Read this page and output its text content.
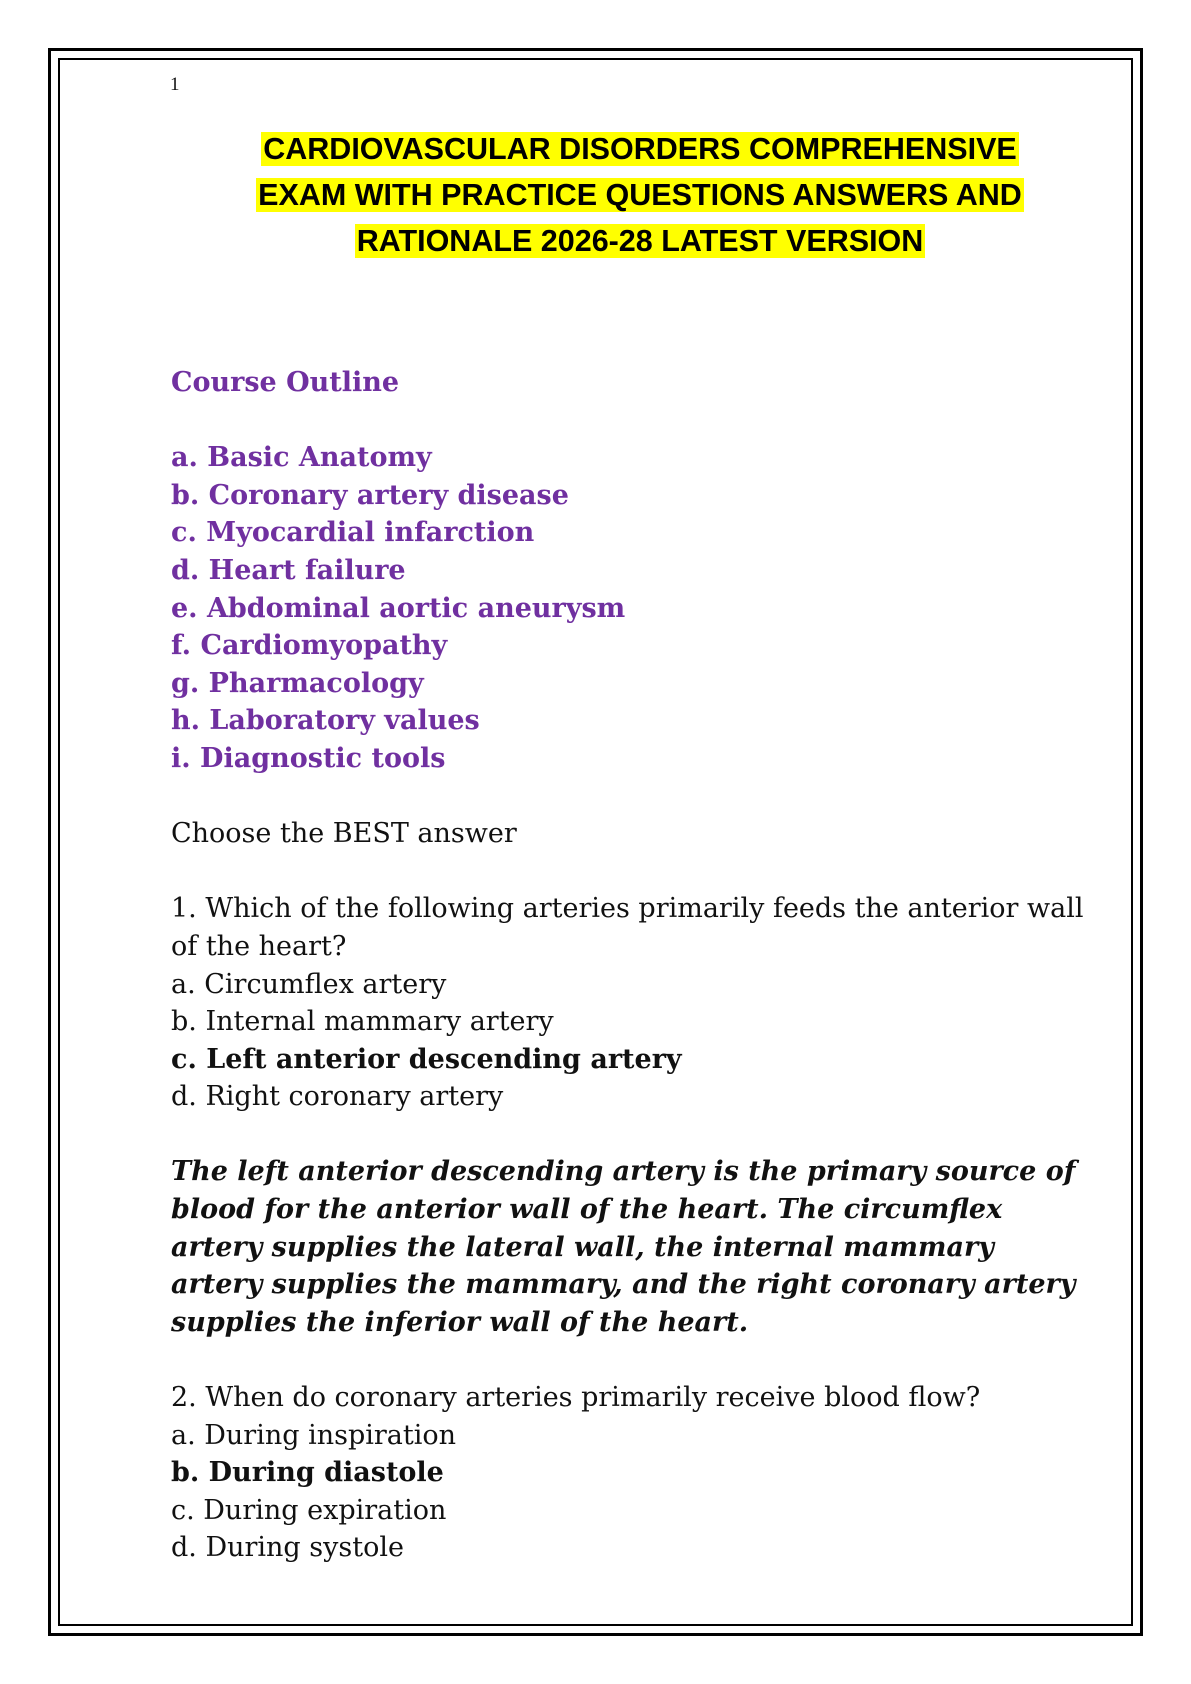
1
CARDIOVASCULAR DISORDERS COMPREHENSIVE
EXAM WITH PRACTICE QUESTIONS ANSWERS AND
RATIONALE 2026-28 LATEST VERSION

Course Outline

a. Basic Anatomy

b. Coronary artery disease

c. Myocardial infarction

d. Heart failure

e. Abdominal aortic aneurysm

f. Cardiomyopathy

g. Pharmacology

h. Laboratory values

i. Diagnostic tools

Choose the BEST answer

1. Which of the following arteries primarily feeds the anterior wall of the heart?

a. Circumflex artery

b. Internal mammary artery

c. Left anterior descending artery

d. Right coronary artery

The left anterior descending artery is the primary source of blood for the anterior wall of the heart. The circumflex artery supplies the lateral wall, the internal mammary artery supplies the mammary, and the right coronary artery supplies the inferior wall of the heart.

2. When do coronary arteries primarily receive blood flow?

a. During inspiration

b. During diastole

c. During expiration

d. During systole
